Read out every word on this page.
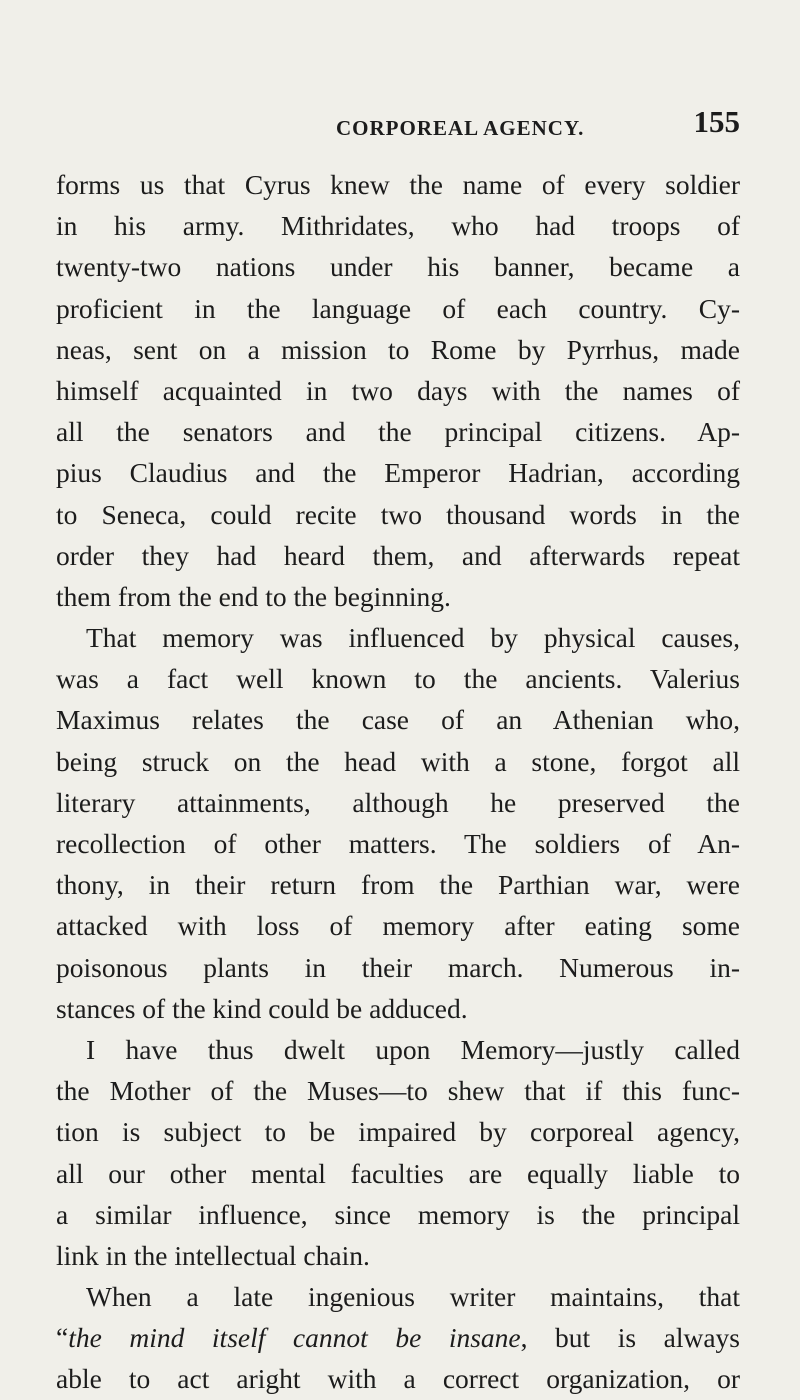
CORPOREAL AGENCY.	155
forms us that Cyrus knew the name of every soldier
in his army. Mithridates, who had troops of
twenty-two nations under his banner, became a
proficient in the language of each country. Cy-
neas, sent on a mission to Rome by Pyrrhus, made
himself acquainted in two days with the names of
all the senators and the principal citizens. Ap-
pius Claudius and the Emperor Hadrian, according
to Seneca, could recite two thousand words in the
order they had heard them, and afterwards repeat
them from the end to the beginning.
That memory was influenced by physical causes,
was a fact well known to the ancients. Valerius
Maximus relates the case of an Athenian who,
being struck on the head with a stone, forgot all
literary attainments, although he preserved the
recollection of other matters. The soldiers of An-
thony, in their return from the Parthian war, were
attacked with loss of memory after eating some
poisonous plants in their march. Numerous in-
stances of the kind could be adduced.
I have thus dwelt upon Memory—justly called
the Mother of the Muses—to shew that if this func-
tion is subject to be impaired by corporeal agency,
all our other mental faculties are equally liable to
a similar influence, since memory is the principal
link in the intellectual chain.
When a late ingenious writer maintains, that
“the mind itself cannot be insane, but is always
able to act aright with a correct organization, or
